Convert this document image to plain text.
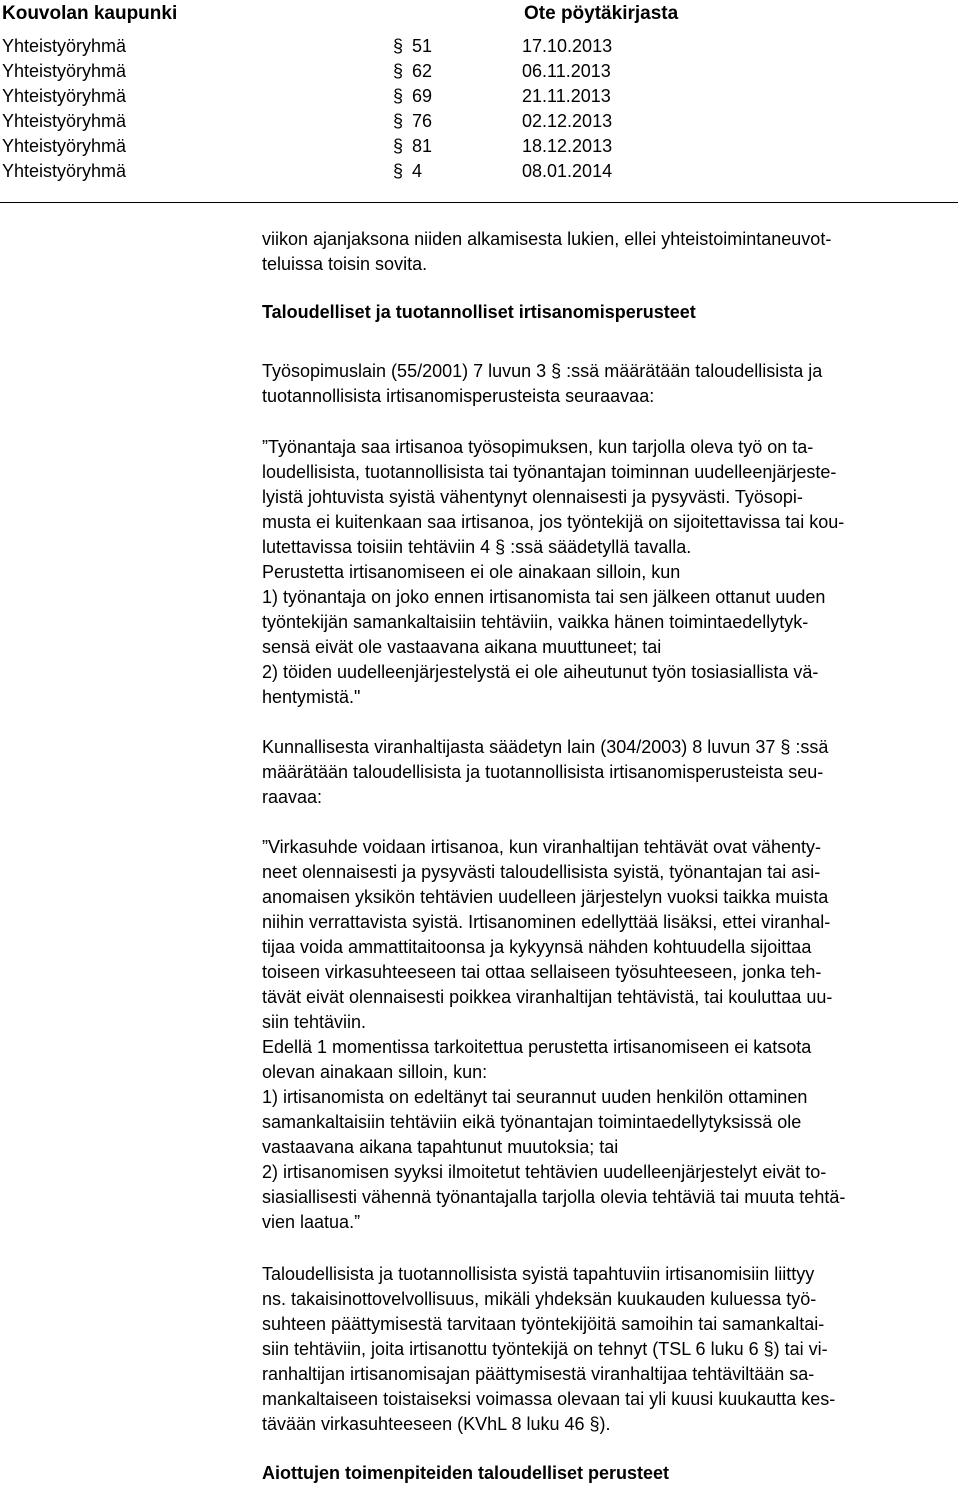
Kouvolan kaupunki	Ote pöytäkirjasta
Yhteistyöryhmä	§ 51	17.10.2013
Yhteistyöryhmä	§ 62	06.11.2013
Yhteistyöryhmä	§ 69	21.11.2013
Yhteistyöryhmä	§ 76	02.12.2013
Yhteistyöryhmä	§ 81	18.12.2013
Yhteistyöryhmä	§ 4	08.01.2014
viikon ajanjaksona niiden alkamisesta lukien, ellei yhteistoimintaneuvot-
teluissa toisin sovita.
Taloudelliset ja tuotannolliset irtisanomisperusteet
Työsopimuslain (55/2001) 7 luvun 3 § :ssä määrätään taloudellisista ja
tuotannollisista irtisanomisperusteista seuraavaa:
”Työnantaja saa irtisanoa työsopimuksen, kun tarjolla oleva työ on ta-
loudellisista, tuotannollisista tai työnantajan toiminnan uudelleenjärjeste-
lyistä johtuvista syistä vähentynyt olennaisesti ja pysyvästi. Työsopi-
musta ei kuitenkaan saa irtisanoa, jos työntekijä on sijoitettavissa tai kou-
lutettavissa toisiin tehtäviin 4 § :ssä säädetyllä tavalla.
Perustetta irtisanomiseen ei ole ainakaan silloin, kun
1) työnantaja on joko ennen irtisanomista tai sen jälkeen ottanut uuden
työntekijän samankaltaisiin tehtäviin, vaikka hänen toimintaedellytyk-
sensä eivät ole vastaavana aikana muuttuneet; tai
2) töiden uudelleenjärjestelystä ei ole aiheutunut työn tosiasiallista vä-
hentymistä."
Kunnallisesta viranhaltijasta säädetyn lain (304/2003) 8 luvun 37 § :ssä
määrätään taloudellisista ja tuotannollisista irtisanomisperusteista seu-
raavaa:
”Virkasuhde voidaan irtisanoa, kun viranhaltijan tehtävät ovat vähenty-
neet olennaisesti ja pysyvästi taloudellisista syistä, työnantajan tai asi-
anomaisen yksikön tehtävien uudelleen järjestelyn vuoksi taikka muista
niihin verrattavista syistä. Irtisanominen edellyttää lisäksi, ettei viranhal-
tijaa voida ammattitaitoonsa ja kykyynsä nähden kohtuudella sijoittaa
toiseen virkasuhteeseen tai ottaa sellaiseen työsuhteeseen, jonka teh-
tävät eivät olennaisesti poikkea viranhaltijan tehtävistä, tai kouluttaa uu-
siin tehtäviin.
Edellä 1 momentissa tarkoitettua perustetta irtisanomiseen ei katsota
olevan ainakaan silloin, kun:
1) irtisanomista on edeltänyt tai seurannut uuden henkilön ottaminen
samankaltaisiin tehtäviin eikä työnantajan toimintaedellytyksissä ole
vastaavana aikana tapahtunut muutoksia; tai
2) irtisanomisen syyksi ilmoitetut tehtävien uudelleenjärjestelyt eivät to-
siasiallisesti vähennä työnantajalla tarjolla olevia tehtäviä tai muuta tehtä-
vien laatua.”
Taloudellisista ja tuotannollisista syistä tapahtuviin irtisanomisiin liittyy
ns. takaisinottovelvollisuus, mikäli yhdeksän kuukauden kuluessa työ-
suhteen päättymisestä tarvitaan työntekijöitä samoihin tai samankaltai-
siin tehtäviin, joita irtisanottu työntekijä on tehnyt (TSL 6 luku 6 §) tai vi-
ranhaltijan irtisanomisajan päättymisestä viranhaltijaa tehtäviltään sa-
mankaltaiseen toistaiseksi voimassa olevaan tai yli kuusi kuukautta kes-
tävään virkasuhteeseen (KVhL 8 luku 46 §).
Aiottujen toimenpiteiden taloudelliset perusteet
